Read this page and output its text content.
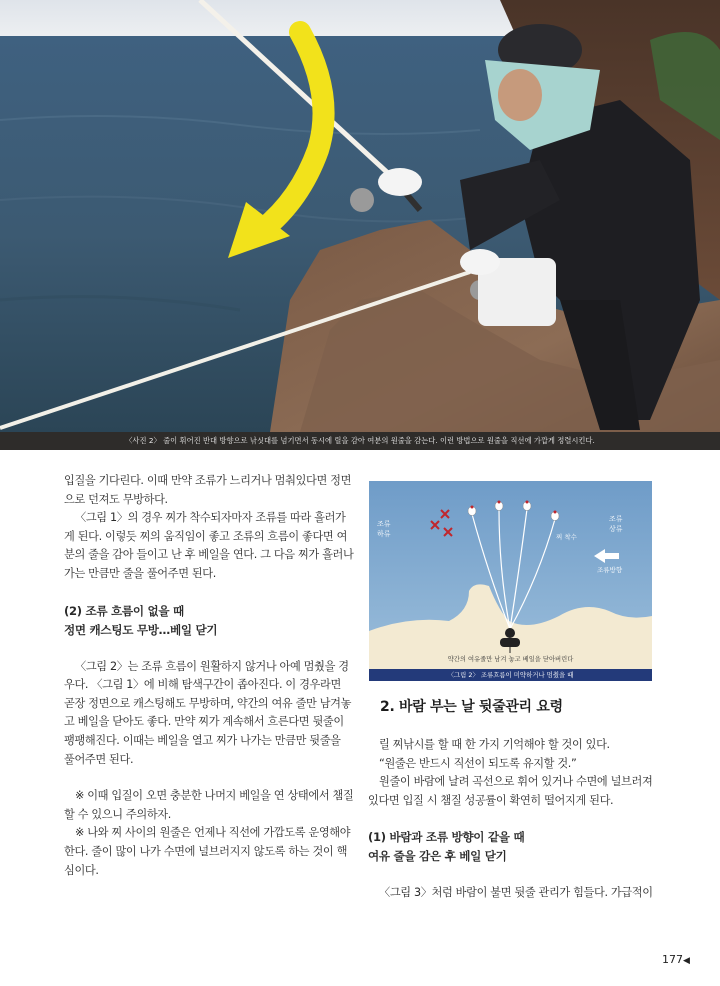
〈사진 2〉 줄이 휘어진 반대 방향으로 낚싯대를 넘기면서 동시에 릴을 감아 여분의 원줄을 감는다. 이런 방법으로 원줄을 직선에 가깝게 정렬시킨다.

입질을 기다린다. 이때 만약 조류가 느리거나 멈춰있다면 정면으로 던져도 무방하다.

〈그림 1〉의 경우 찌가 착수되자마자 조류를 따라 흘러가게 된다. 이렇듯 찌의 움직임이 좋고 조류의 흐름이 좋다면 여분의 줄을 감아 들이고 난 후 베일을 연다. 그 다음 찌가 흘러나가는 만큼만 줄을 풀어주면 된다.

(2) 조류 흐름이 없을 때

정면 캐스팅도 무방…베일 닫기

〈그림 2〉는 조류 흐름이 원활하지 않거나 아예 멈췄을 경우다. 〈그림 1〉에 비해 탐색구간이 좁아진다. 이 경우라면 곧장 정면으로 캐스팅해도 무방하며, 약간의 여유 줄만 남겨놓고 베일을 닫아도 좋다. 만약 찌가 계속해서 흐른다면 뒷줄이 팽팽해진다. 이때는 베일을 열고 찌가 나가는 만큼만 뒷줄을 풀어주면 된다.

※ 이때 입질이 오면 충분한 나머지 베일을 연 상태에서 챔질 할 수 있으니 주의하자.

※ 나와 찌 사이의 원줄은 언제나 직선에 가깝도록 운영해야 한다. 줄이 많이 나가 수면에 널브러지지 않도록 하는 것이 핵심이다.

조류
하류
조류
상류
찌 착수
조류방향
약간의 여유줄만 남겨 놓고 베일을 닫아버린다
〈그림 2〉 조류흐름이 미약하거나 멈췄을 때
2. 바람 부는 날 뒷줄관리 요령

릴 찌낚시를 할 때 한 가지 기억해야 할 것이 있다.

“원줄은 반드시 직선이 되도록 유지할 것.”

원줄이 바람에 날려 곡선으로 휘어 있거나 수면에 널브러져 있다면 입질 시 챔질 성공률이 확연히 떨어지게 된다.

(1) 바람과 조류 방향이 같을 때

여유 줄을 감은 후 베일 닫기

〈그림 3〉처럼 바람이 불면 뒷줄 관리가 힘들다. 가급적이

177◀
